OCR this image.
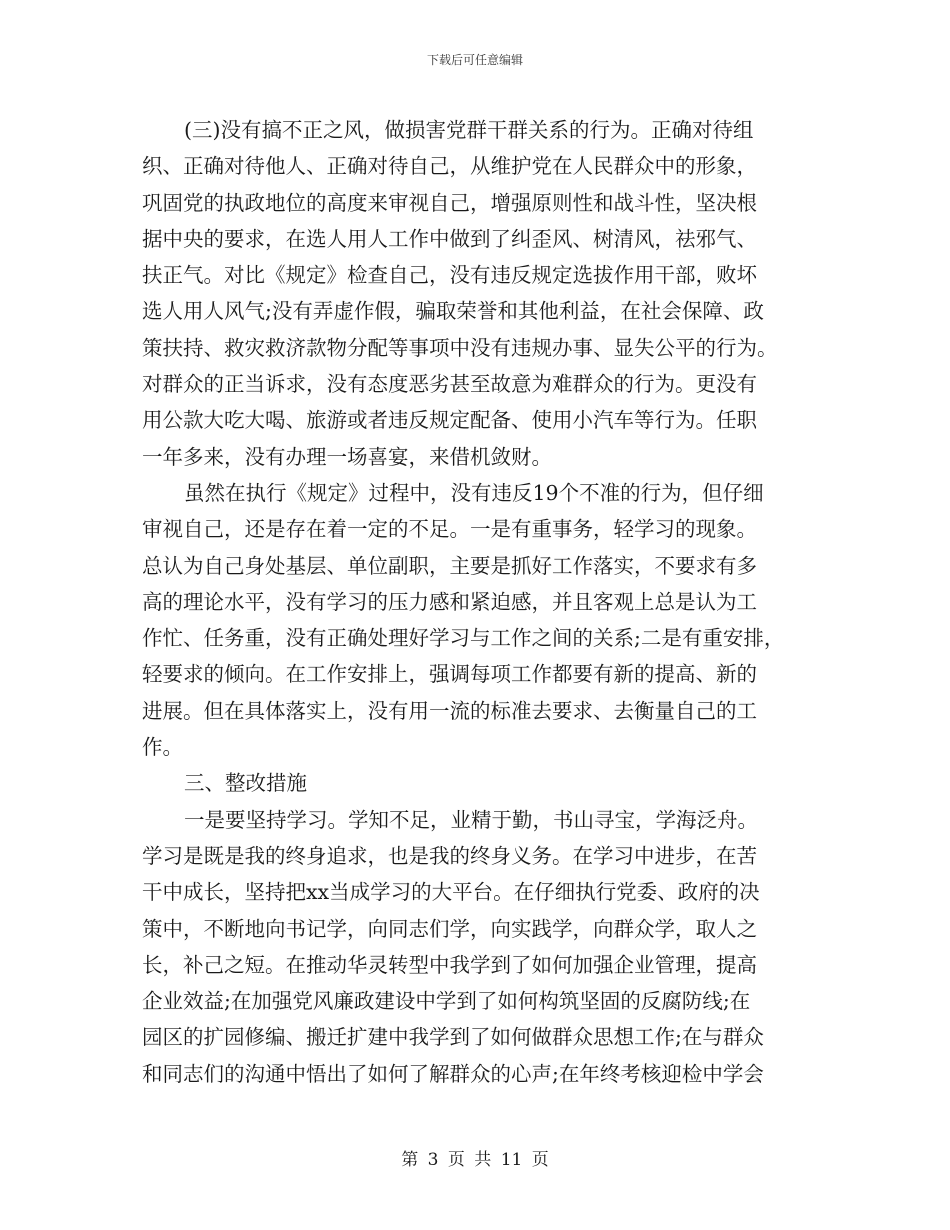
下载后可任意编辑
(三)没有搞不正之风，做损害党群干群关系的行为。正确对待组
织、正确对待他人、正确对待自己，从维护党在人民群众中的形象，
巩固党的执政地位的高度来审视自己，增强原则性和战斗性，坚决根
据中央的要求，在选人用人工作中做到了纠歪风、树清风，祛邪气、
扶正气。对比《规定》检查自己，没有违反规定选拔作用干部，败坏
选人用人风气;没有弄虚作假，骗取荣誉和其他利益，在社会保障、政
策扶持、救灾救济款物分配等事项中没有违规办事、显失公平的行为。
对群众的正当诉求，没有态度恶劣甚至故意为难群众的行为。更没有
用公款大吃大喝、旅游或者违反规定配备、使用小汽车等行为。任职
一年多来，没有办理一场喜宴，来借机敛财。
虽然在执行《规定》过程中，没有违反19个不准的行为，但仔细
审视自己，还是存在着一定的不足。一是有重事务，轻学习的现象。
总认为自己身处基层、单位副职，主要是抓好工作落实，不要求有多
高的理论水平，没有学习的压力感和紧迫感，并且客观上总是认为工
作忙、任务重，没有正确处理好学习与工作之间的关系;二是有重安排，
轻要求的倾向。在工作安排上，强调每项工作都要有新的提高、新的
进展。但在具体落实上，没有用一流的标准去要求、去衡量自己的工
作。
三、整改措施
一是要坚持学习。学知不足，业精于勤，书山寻宝，学海泛舟。
学习是既是我的终身追求，也是我的终身义务。在学习中进步，在苦
干中成长，坚持把xx当成学习的大平台。在仔细执行党委、政府的决
策中，不断地向书记学，向同志们学，向实践学，向群众学，取人之
长，补己之短。在推动华灵转型中我学到了如何加强企业管理，提高
企业效益;在加强党风廉政建设中学到了如何构筑坚固的反腐防线;在
园区的扩园修编、搬迁扩建中我学到了如何做群众思想工作;在与群众
和同志们的沟通中悟出了如何了解群众的心声;在年终考核迎检中学会
第 3 页 共 11 页
